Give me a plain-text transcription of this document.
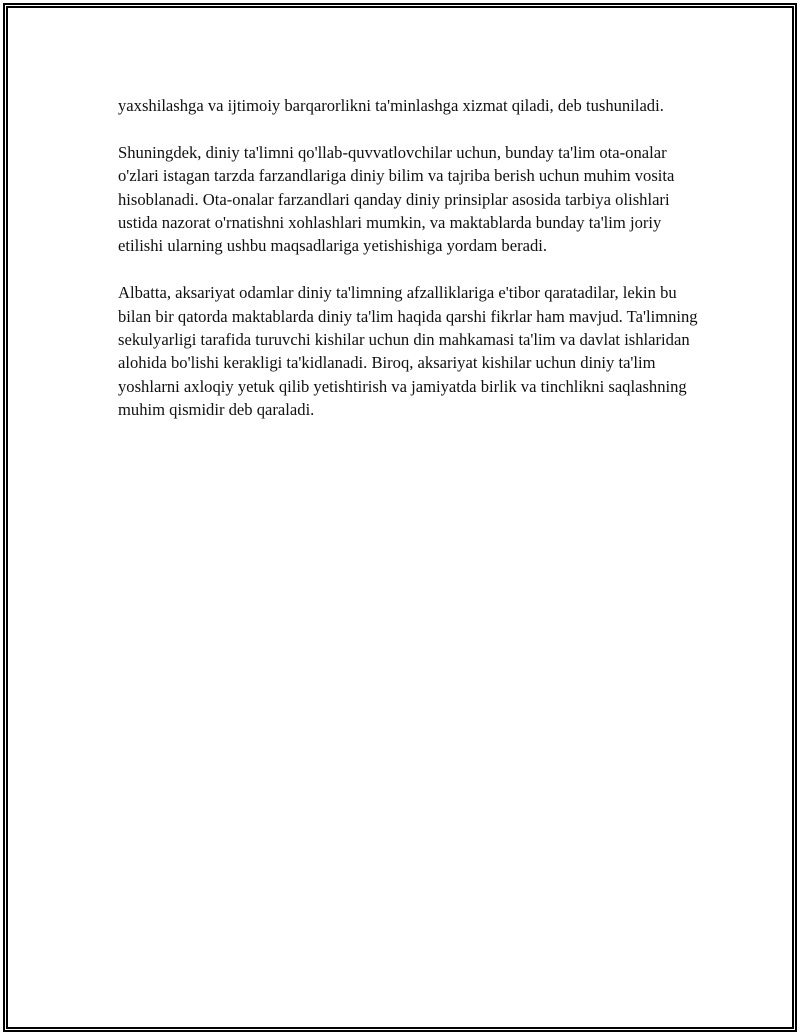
yaxshilashga va ijtimoiy barqarorlikni ta'minlashga xizmat qiladi, deb tushuniladi.

Shuningdek, diniy ta'limni qo'llab-quvvatlovchilar uchun, bunday ta'lim ota-onalar o'zlari istagan tarzda farzandlariga diniy bilim va tajriba berish uchun muhim vosita hisoblanadi. Ota-onalar farzandlari qanday diniy prinsiplar asosida tarbiya olishlari ustida nazorat o'rnatishni xohlashlari mumkin, va maktablarda bunday ta'lim joriy etilishi ularning ushbu maqsadlariga yetishishiga yordam beradi.

Albatta, aksariyat odamlar diniy ta'limning afzalliklariga e'tibor qaratadilar, lekin bu bilan bir qatorda maktablarda diniy ta'lim haqida qarshi fikrlar ham mavjud. Ta'limning sekulyarligi tarafida turuvchi kishilar uchun din mahkamasi ta'lim va davlat ishlaridan alohida bo'lishi kerakligi ta'kidlanadi. Biroq, aksariyat kishilar uchun diniy ta'lim yoshlarni axloqiy yetuk qilib yetishtirish va jamiyatda birlik va tinchlikni saqlashning muhim qismidir deb qaraladi.
